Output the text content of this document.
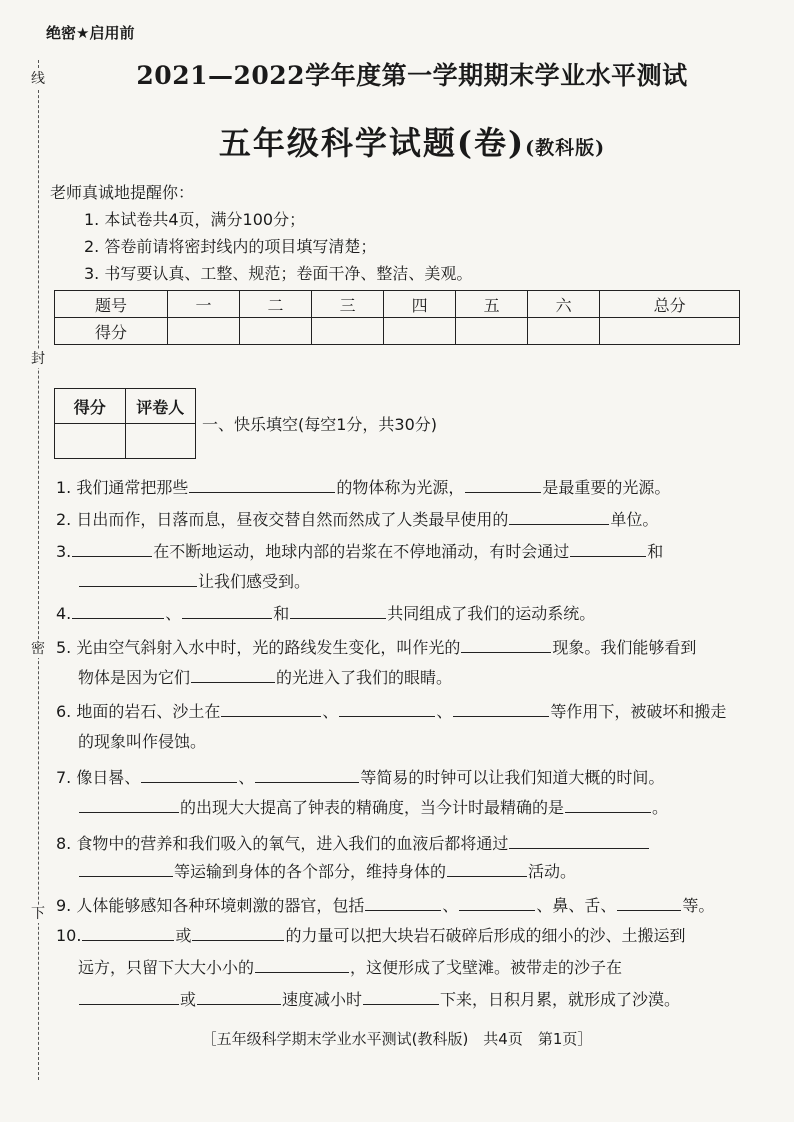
线
封
密
下
绝密★启用前
2021—2022学年度第一学期期末学业水平测试
五年级科学试题(卷)(教科版)
老师真诚地提醒你：
1. 本试卷共4页，满分100分；
2. 答卷前请将密封线内的项目填写清楚；
3. 书写要认真、工整、规范；卷面干净、整洁、美观。
题号	一	二	三	四	五	六	总分
得分							
得分	评卷人

一、快乐填空(每空1分，共30分)
1. 我们通常把那些	的物体称为光源，	是最重要的光源。
2. 日出而作，日落而息，昼夜交替自然而然成了人类最早使用的	单位。
3.	在不断地运动，地球内部的岩浆在不停地涌动，有时会通过	和
让我们感受到。
4.	、	和	共同组成了我们的运动系统。
5. 光由空气斜射入水中时，光的路线发生变化，叫作光的	现象。我们能够看到
物体是因为它们	的光进入了我们的眼睛。
6. 地面的岩石、沙土在	、	、	等作用下，被破坏和搬走
的现象叫作侵蚀。
7. 像日晷、	、	等简易的时钟可以让我们知道大概的时间。
的出现大大提高了钟表的精确度，当今计时最精确的是	。
8. 食物中的营养和我们吸入的氧气，进入我们的血液后都将通过
等运输到身体的各个部分，维持身体的	活动。
9. 人体能够感知各种环境刺激的器官，包括	、	、鼻、舌、	等。
10.	或	的力量可以把大块岩石破碎后形成的细小的沙、土搬运到
远方，只留下大大小小的	，这便形成了戈壁滩。被带走的沙子在
或	速度减小时	下来，日积月累，就形成了沙漠。
［五年级科学期末学业水平测试(教科版)　共4页　第1页］
